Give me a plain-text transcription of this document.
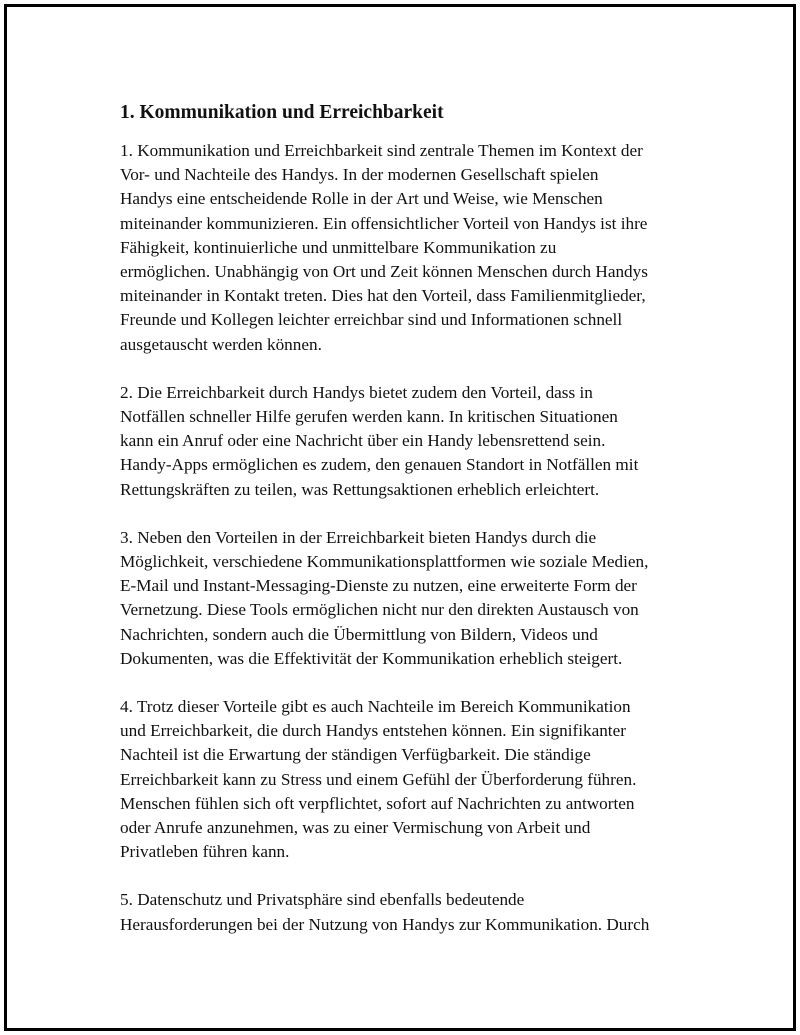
1. Kommunikation und Erreichbarkeit

1. Kommunikation und Erreichbarkeit sind zentrale Themen im Kontext der
Vor- und Nachteile des Handys. In der modernen Gesellschaft spielen
Handys eine entscheidende Rolle in der Art und Weise, wie Menschen
miteinander kommunizieren. Ein offensichtlicher Vorteil von Handys ist ihre
Fähigkeit, kontinuierliche und unmittelbare Kommunikation zu
ermöglichen. Unabhängig von Ort und Zeit können Menschen durch Handys
miteinander in Kontakt treten. Dies hat den Vorteil, dass Familienmitglieder,
Freunde und Kollegen leichter erreichbar sind und Informationen schnell
ausgetauscht werden können.

2. Die Erreichbarkeit durch Handys bietet zudem den Vorteil, dass in
Notfällen schneller Hilfe gerufen werden kann. In kritischen Situationen
kann ein Anruf oder eine Nachricht über ein Handy lebensrettend sein.
Handy-Apps ermöglichen es zudem, den genauen Standort in Notfällen mit
Rettungskräften zu teilen, was Rettungsaktionen erheblich erleichtert.

3. Neben den Vorteilen in der Erreichbarkeit bieten Handys durch die
Möglichkeit, verschiedene Kommunikationsplattformen wie soziale Medien,
E-Mail und Instant-Messaging-Dienste zu nutzen, eine erweiterte Form der
Vernetzung. Diese Tools ermöglichen nicht nur den direkten Austausch von
Nachrichten, sondern auch die Übermittlung von Bildern, Videos und
Dokumenten, was die Effektivität der Kommunikation erheblich steigert.

4. Trotz dieser Vorteile gibt es auch Nachteile im Bereich Kommunikation
und Erreichbarkeit, die durch Handys entstehen können. Ein signifikanter
Nachteil ist die Erwartung der ständigen Verfügbarkeit. Die ständige
Erreichbarkeit kann zu Stress und einem Gefühl der Überforderung führen.
Menschen fühlen sich oft verpflichtet, sofort auf Nachrichten zu antworten
oder Anrufe anzunehmen, was zu einer Vermischung von Arbeit und
Privatleben führen kann.

5. Datenschutz und Privatsphäre sind ebenfalls bedeutende
Herausforderungen bei der Nutzung von Handys zur Kommunikation. Durch
